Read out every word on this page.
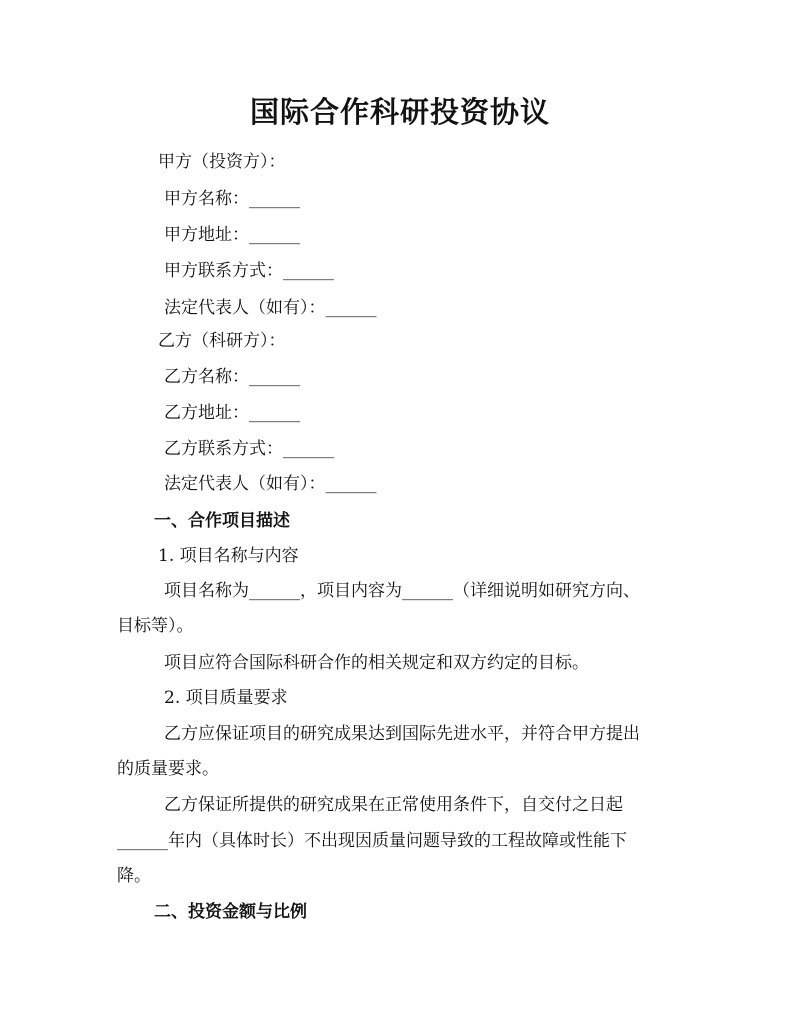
国际合作科研投资协议
甲方（投资方）：
甲方名称：______
甲方地址：______
甲方联系方式：______
法定代表人（如有）：______
乙方（科研方）：
乙方名称：______
乙方地址：______
乙方联系方式：______
法定代表人（如有）：______
一、合作项目描述
1. 项目名称与内容
项目名称为______，项目内容为______（详细说明如研究方向、
目标等）。
项目应符合国际科研合作的相关规定和双方约定的目标。
2. 项目质量要求
乙方应保证项目的研究成果达到国际先进水平，并符合甲方提出
的质量要求。
乙方保证所提供的研究成果在正常使用条件下，自交付之日起
______年内（具体时长）不出现因质量问题导致的工程故障或性能下
降。
二、投资金额与比例
